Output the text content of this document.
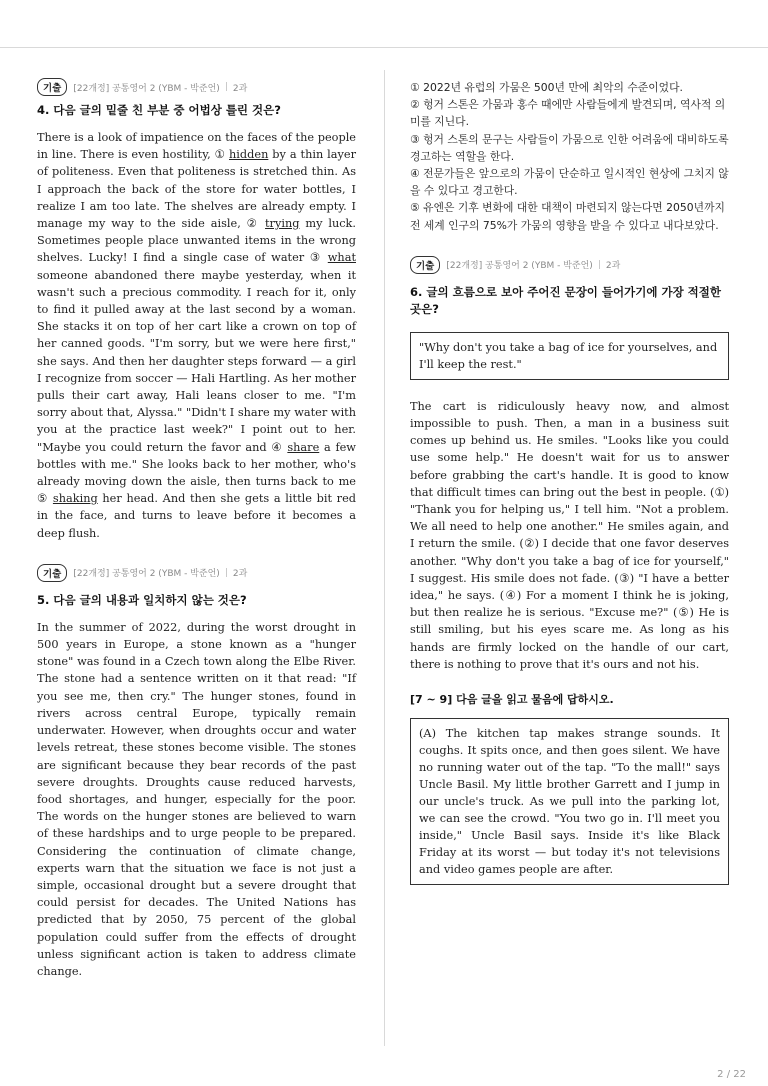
기출	[22개정] 공통영어 2 (YBM - 박준언) | 2과
4. 다음 글의 밑줄 친 부분 중 어법상 틀린 것은?

There is a look of impatience on the faces of the people in line. There is even hostility, ① hidden by a thin layer of politeness. Even that politeness is stretched thin. As I approach the back of the store for water bottles, I realize I am too late. The shelves are already empty. I manage my way to the side aisle, ② trying my luck. Sometimes people place unwanted items in the wrong shelves. Lucky! I find a single case of water ③ what someone abandoned there maybe yesterday, when it wasn't such a precious commodity. I reach for it, only to find it pulled away at the last second by a woman. She stacks it on top of her cart like a crown on top of her canned goods. "I'm sorry, but we were here first," she says. And then her daughter steps forward — a girl I recognize from soccer — Hali Hartling. As her mother pulls their cart away, Hali leans closer to me. "I'm sorry about that, Alyssa." "Didn't I share my water with you at the practice last week?" I point out to her. "Maybe you could return the favor and ④ share a few bottles with me." She looks back to her mother, who's already moving down the aisle, then turns back to me ⑤ shaking her head. And then she gets a little bit red in the face, and turns to leave before it becomes a deep flush.

기출	[22개정] 공통영어 2 (YBM - 박준언) | 2과
5. 다음 글의 내용과 일치하지 않는 것은?

In the summer of 2022, during the worst drought in 500 years in Europe, a stone known as a "hunger stone" was found in a Czech town along the Elbe River. The stone had a sentence written on it that read: "If you see me, then cry." The hunger stones, found in rivers across central Europe, typically remain underwater. However, when droughts occur and water levels retreat, these stones become visible. The stones are significant because they bear records of the past severe droughts. Droughts cause reduced harvests, food shortages, and hunger, especially for the poor. The words on the hunger stones are believed to warn of these hardships and to urge people to be prepared. Considering the continuation of climate change, experts warn that the situation we face is not just a simple, occasional drought but a severe drought that could persist for decades. The United Nations has predicted that by 2050, 75 percent of the global population could suffer from the effects of drought unless significant action is taken to address climate change.

① 2022년 유럽의 가뭄은 500년 만에 최악의 수준이었다.

② 헝거 스톤은 가뭄과 홍수 때에만 사람들에게 발견되며, 역사적 의미를 지닌다.

③ 헝거 스톤의 문구는 사람들이 가뭄으로 인한 어려움에 대비하도록 경고하는 역할을 한다.

④ 전문가들은 앞으로의 가뭄이 단순하고 일시적인 현상에 그치지 않을 수 있다고 경고한다.

⑤ 유엔은 기후 변화에 대한 대책이 마련되지 않는다면 2050년까지 전 세계 인구의 75%가 가뭄의 영향을 받을 수 있다고 내다보았다.

기출	[22개정] 공통영어 2 (YBM - 박준언) | 2과
6. 글의 흐름으로 보아 주어진 문장이 들어가기에 가장 적절한 곳은?
"Why don't you take a bag of ice for yourselves, and I'll keep the rest."

The cart is ridiculously heavy now, and almost impossible to push. Then, a man in a business suit comes up behind us. He smiles. "Looks like you could use some help." He doesn't wait for us to answer before grabbing the cart's handle. It is good to know that difficult times can bring out the best in people. (①) "Thank you for helping us," I tell him. "Not a problem. We all need to help one another." He smiles again, and I return the smile. (②) I decide that one favor deserves another. "Why don't you take a bag of ice for yourself," I suggest. His smile does not fade. (③) "I have a better idea," he says. (④) For a moment I think he is joking, but then realize he is serious. "Excuse me?" (⑤) He is still smiling, but his eyes scare me. As long as his hands are firmly locked on the handle of our cart, there is nothing to prove that it's ours and not his.

[7 ~ 9] 다음 글을 읽고 물음에 답하시오.
(A) The kitchen tap makes strange sounds. It coughs. It spits once, and then goes silent. We have no running water out of the tap. "To the mall!" says Uncle Basil. My little brother Garrett and I jump in our uncle's truck. As we pull into the parking lot, we can see the crowd. "You two go in. I'll meet you inside," Uncle Basil says. Inside it's like Black Friday at its worst — but today it's not televisions and video games people are after.
2 / 22
